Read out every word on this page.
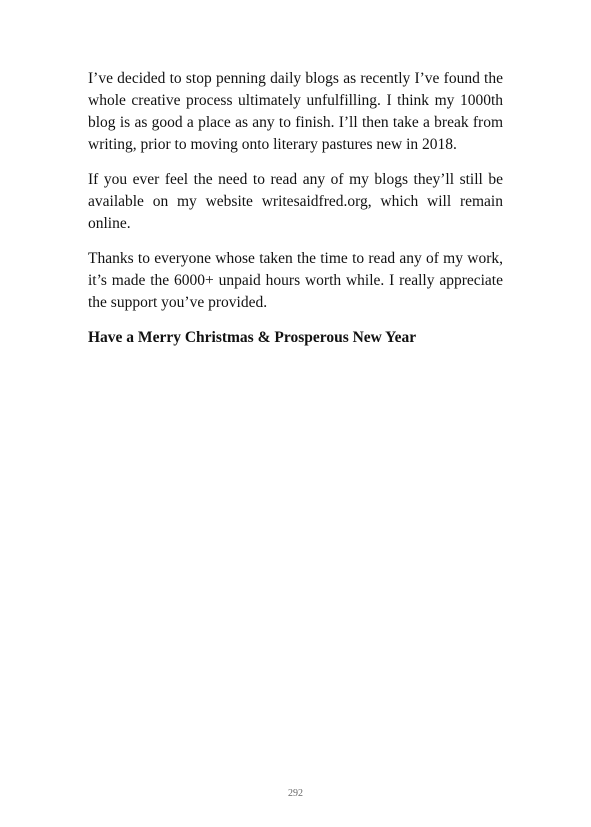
I’ve decided to stop penning daily blogs as recently I’ve found the whole creative process ultimately unfulfilling. I think my 1000th blog is as good a place as any to finish. I’ll then take a break from writing, prior to moving onto literary pastures new in 2018.

If you ever feel the need to read any of my blogs they’ll still be available on my website writesaidfred.org, which will remain online.

Thanks to everyone whose taken the time to read any of my work, it’s made the 6000+ unpaid hours worth while. I really appreciate the support you’ve provided.

Have a Merry Christmas & Prosperous New Year

292
